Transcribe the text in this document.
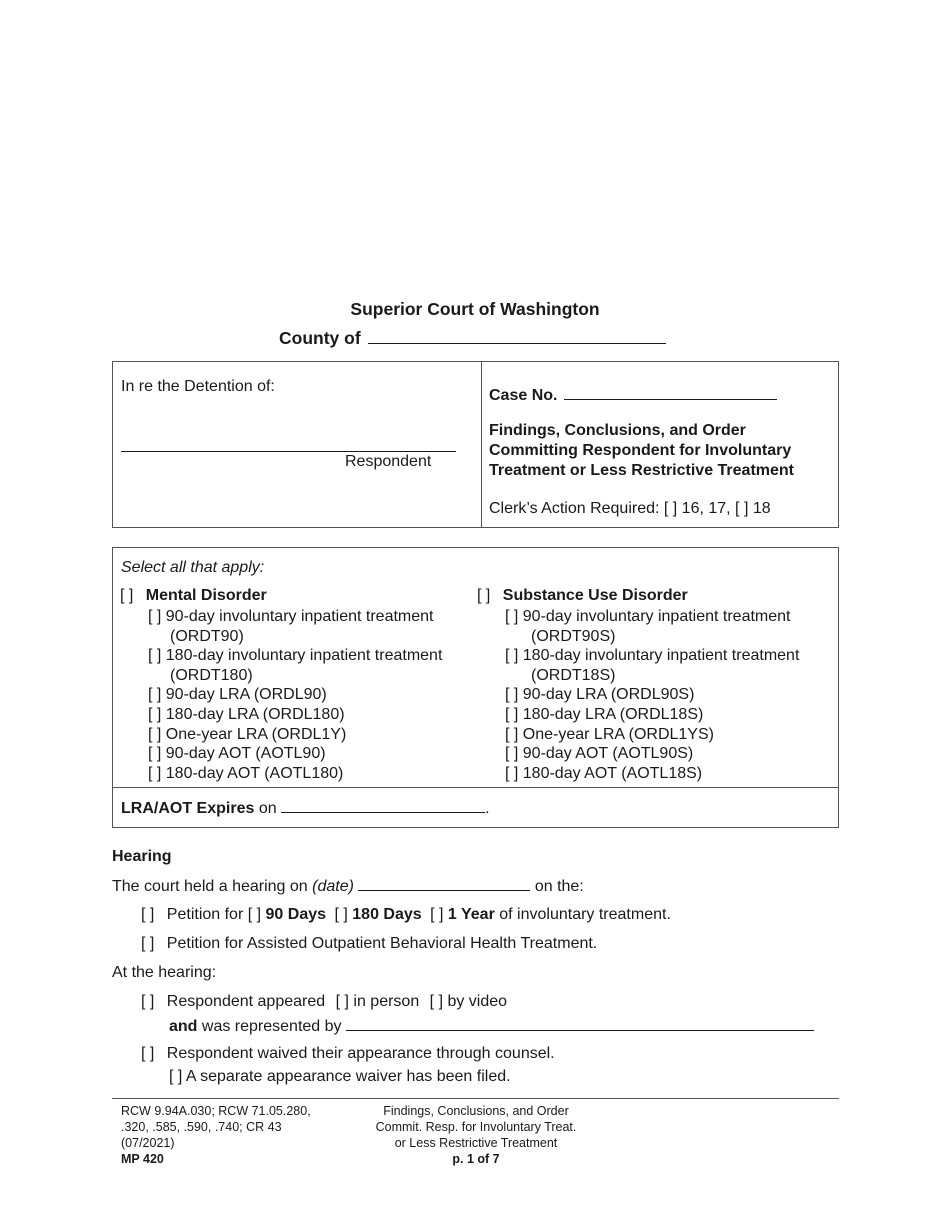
Superior Court of Washington
County of
In re the Detention of:
Respondent
Case No.
Findings, Conclusions, and Order
Committing Respondent for Involuntary
Treatment or Less Restrictive Treatment
Clerk’s Action Required: [ ] 16, 17, [ ] 18
Select all that apply:
[ ] Mental Disorder
[ ] 90-day involuntary inpatient treatment
(ORDT90)
[ ] 180-day involuntary inpatient treatment
(ORDT180)
[ ] 90-day LRA (ORDL90)
[ ] 180-day LRA (ORDL180)
[ ] One-year LRA (ORDL1Y)
[ ] 90-day AOT (AOTL90)
[ ] 180-day AOT (AOTL180)
[ ] Substance Use Disorder
[ ] 90-day involuntary inpatient treatment
(ORDT90S)
[ ] 180-day involuntary inpatient treatment
(ORDT18S)
[ ] 90-day LRA (ORDL90S)
[ ] 180-day LRA (ORDL18S)
[ ] One-year LRA (ORDL1YS)
[ ] 90-day AOT (AOTL90S)
[ ] 180-day AOT (AOTL18S)
LRA/AOT Expires on	.
Hearing
The court held a hearing on (date)	on the:
[ ] Petition for [ ] 90 Days [ ] 180 Days [ ] 1 Year of involuntary treatment.
[ ] Petition for Assisted Outpatient Behavioral Health Treatment.
At the hearing:
[ ] Respondent appeared [ ] in person [ ] by video
and was represented by
[ ] Respondent waived their appearance through counsel.
[ ] A separate appearance waiver has been filed.
RCW 9.94A.030; RCW 71.05.280,
.320, .585, .590, .740; CR 43
(07/2021)
MP 420
Findings, Conclusions, and Order
Commit. Resp. for Involuntary Treat.
or Less Restrictive Treatment
p. 1 of 7
